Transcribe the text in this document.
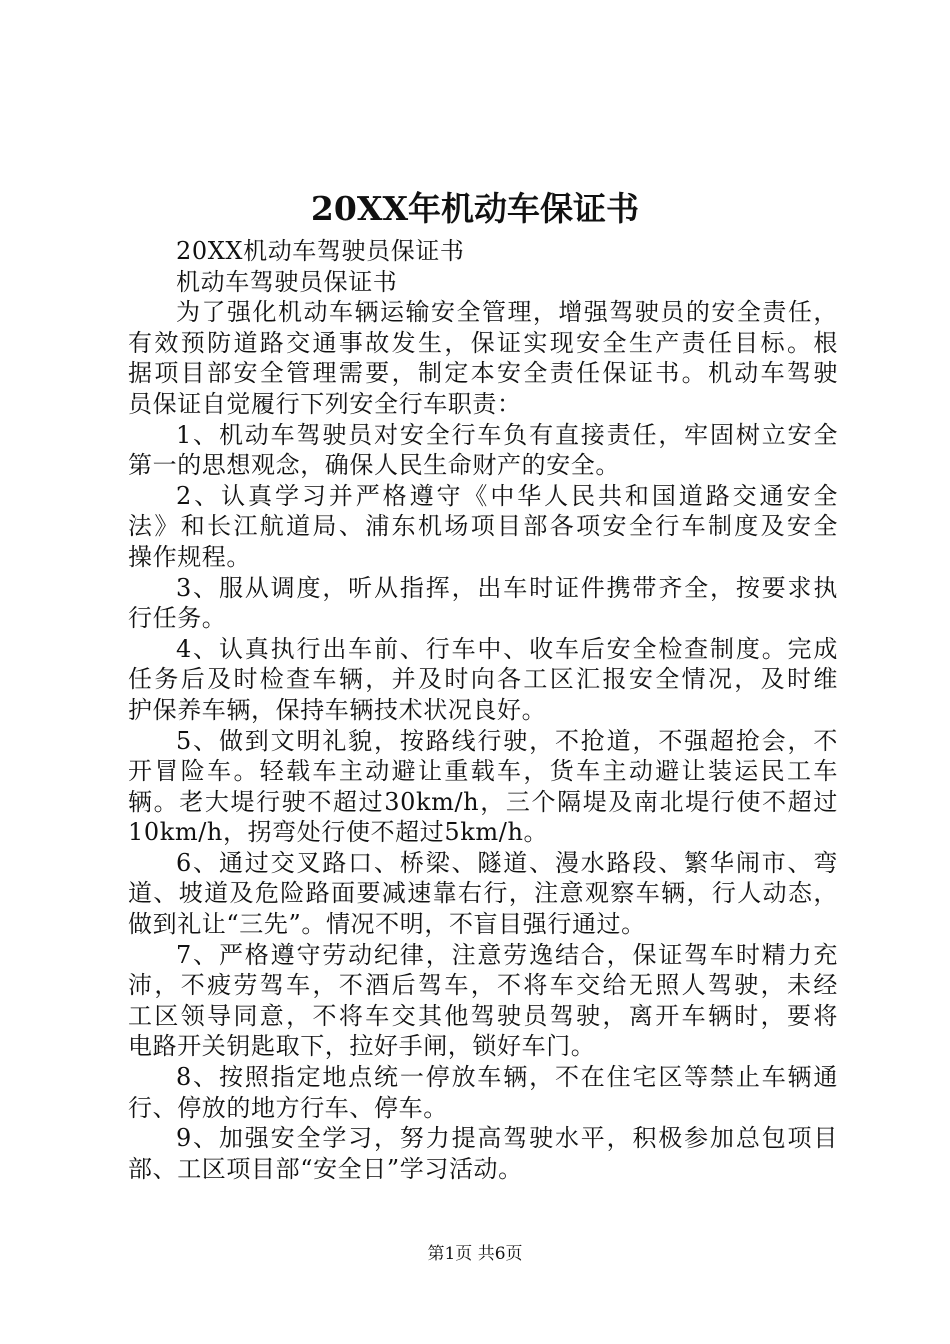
20XX年机动车保证书
20XX机动车驾驶员保证书
机动车驾驶员保证书
为了强化机动车辆运输安全管理，增强驾驶员的安全责任，
有效预防道路交通事故发生，保证实现安全生产责任目标。根
据项目部安全管理需要，制定本安全责任保证书。机动车驾驶
员保证自觉履行下列安全行车职责：
1、机动车驾驶员对安全行车负有直接责任，牢固树立安全
第一的思想观念，确保人民生命财产的安全。
2、认真学习并严格遵守《中华人民共和国道路交通安全
法》和长江航道局、浦东机场项目部各项安全行车制度及安全
操作规程。
3、服从调度，听从指挥，出车时证件携带齐全，按要求执
行任务。
4、认真执行出车前、行车中、收车后安全检查制度。完成
任务后及时检查车辆，并及时向各工区汇报安全情况，及时维
护保养车辆，保持车辆技术状况良好。
5、做到文明礼貌，按路线行驶，不抢道，不强超抢会，不
开冒险车。轻载车主动避让重载车，货车主动避让装运民工车
辆。老大堤行驶不超过30km/h，三个隔堤及南北堤行使不超过
10km/h，拐弯处行使不超过5km/h。
6、通过交叉路口、桥梁、隧道、漫水路段、繁华闹市、弯
道、坡道及危险路面要减速靠右行，注意观察车辆，行人动态，
做到礼让“三先”。情况不明，不盲目强行通过。
7、严格遵守劳动纪律，注意劳逸结合，保证驾车时精力充
沛，不疲劳驾车，不酒后驾车，不将车交给无照人驾驶，未经
工区领导同意，不将车交其他驾驶员驾驶，离开车辆时，要将
电路开关钥匙取下，拉好手闸，锁好车门。
8、按照指定地点统一停放车辆，不在住宅区等禁止车辆通
行、停放的地方行车、停车。
9、加强安全学习，努力提高驾驶水平，积极参加总包项目
部、工区项目部“安全日”学习活动。
第1页 共6页
